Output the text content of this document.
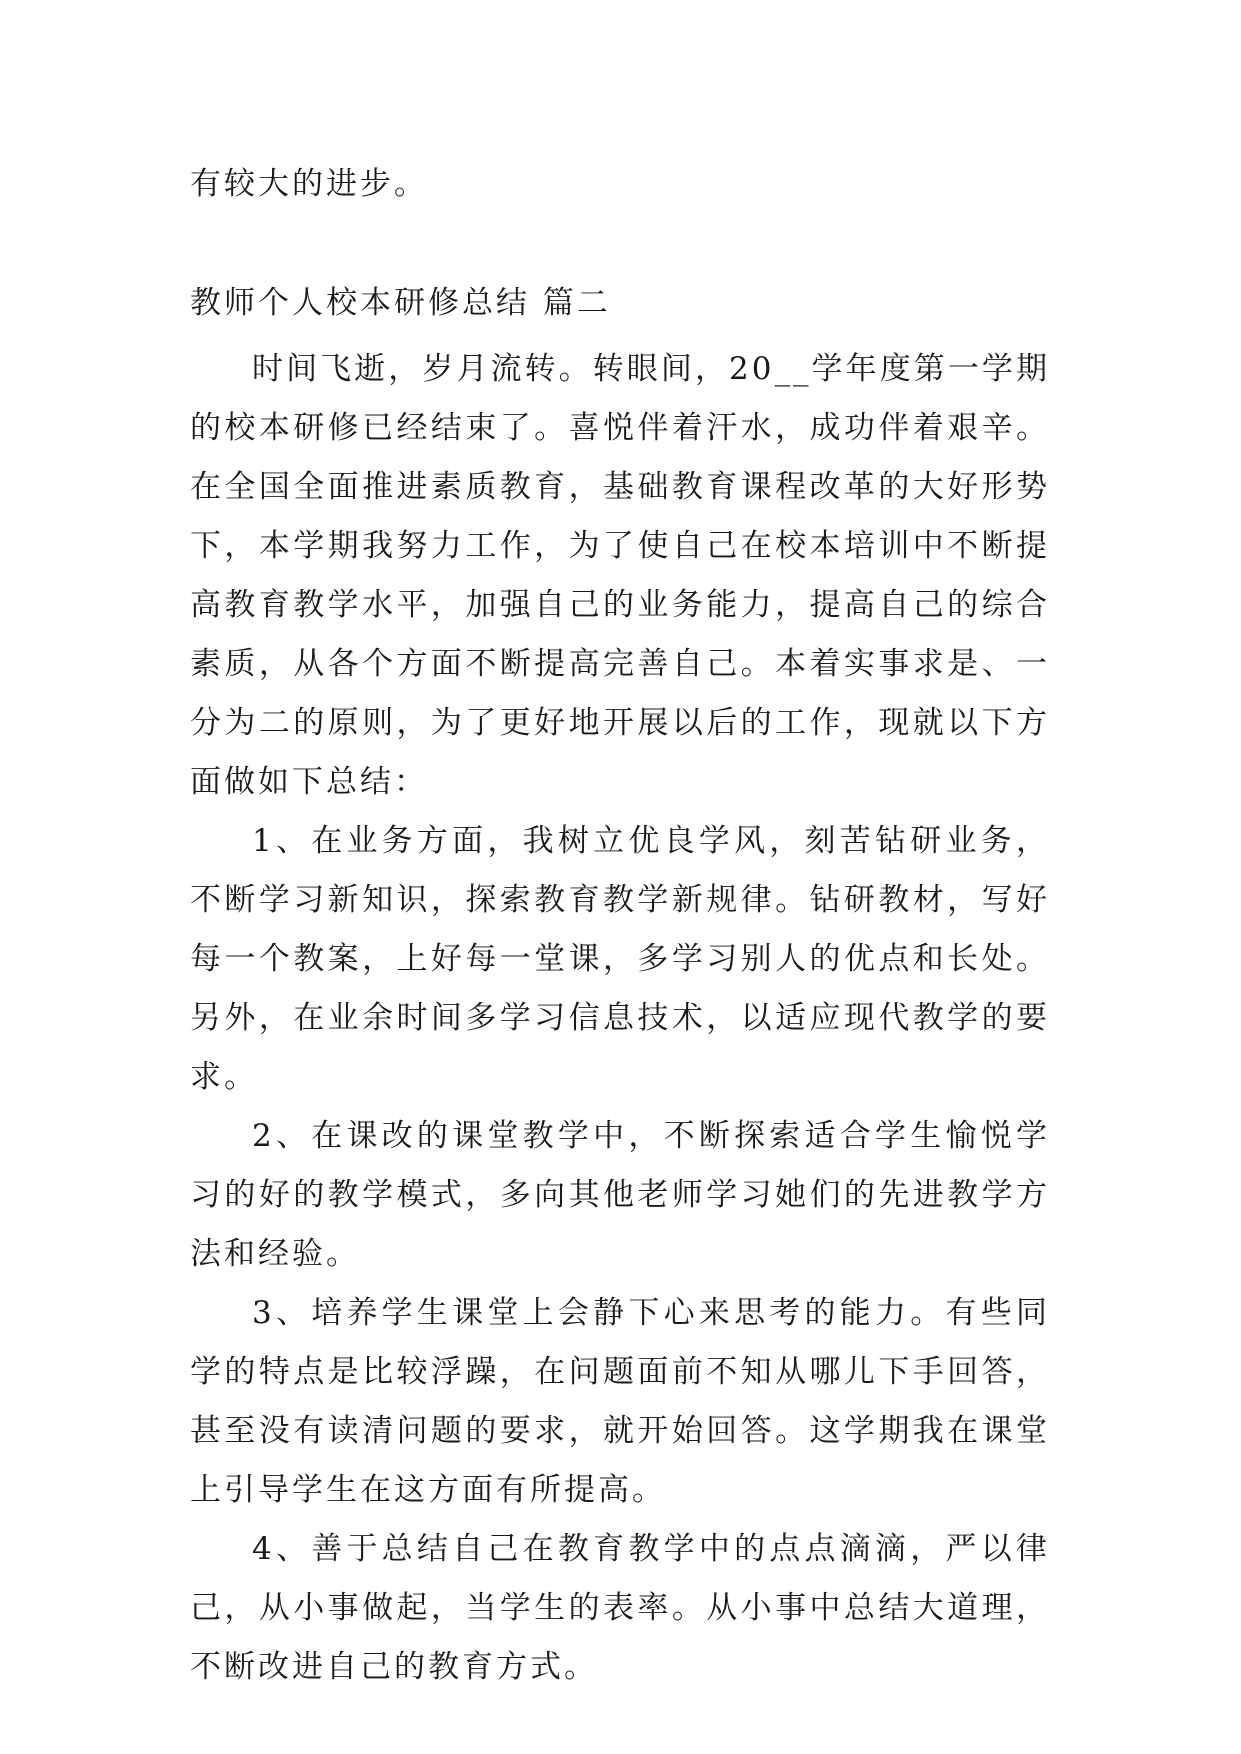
有较大的进步。
教师个人校本研修总结 篇二

时间飞逝，岁月流转。转眼间，20__学年度第一学期的校本研修已经结束了。喜悦伴着汗水，成功伴着艰辛。在全国全面推进素质教育，基础教育课程改革的大好形势下，本学期我努力工作，为了使自己在校本培训中不断提高教育教学水平，加强自己的业务能力，提高自己的综合素质，从各个方面不断提高完善自己。本着实事求是、一分为二的原则，为了更好地开展以后的工作，现就以下方面做如下总结：

1、在业务方面，我树立优良学风，刻苦钻研业务，不断学习新知识，探索教育教学新规律。钻研教材，写好每一个教案，上好每一堂课，多学习别人的优点和长处。另外，在业余时间多学习信息技术，以适应现代教学的要求。

2、在课改的课堂教学中，不断探索适合学生愉悦学习的好的教学模式，多向其他老师学习她们的先进教学方法和经验。

3、培养学生课堂上会静下心来思考的能力。有些同学的特点是比较浮躁，在问题面前不知从哪儿下手回答，甚至没有读清问题的要求，就开始回答。这学期我在课堂上引导学生在这方面有所提高。

4、善于总结自己在教育教学中的点点滴滴，严以律己，从小事做起，当学生的表率。从小事中总结大道理，不断改进自己的教育方式。
